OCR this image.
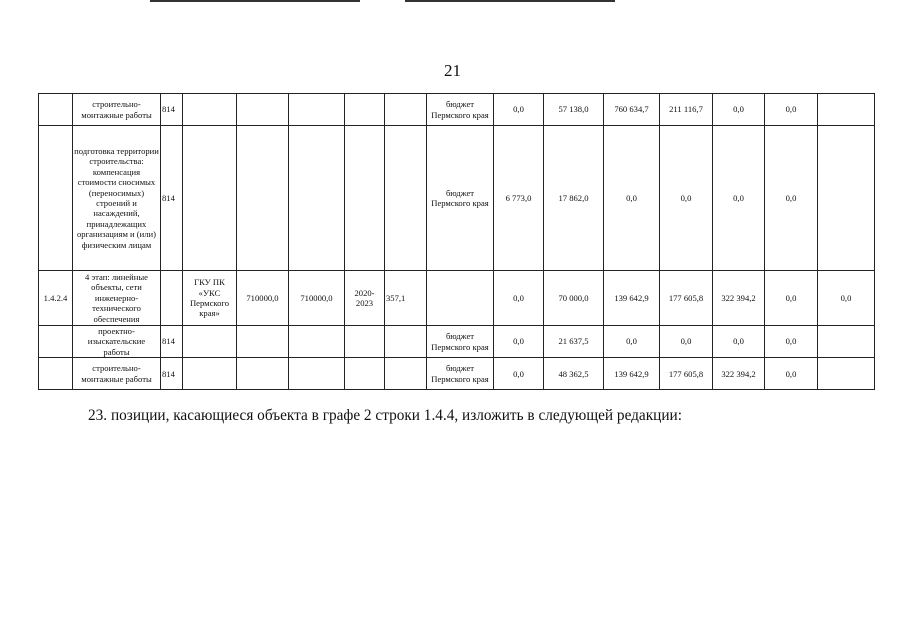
21
	строительно-монтажные работы	814						бюджет Пермского края	0,0	57 138,0	760 634,7	211 116,7	0,0	0,0	
	подготовка территории строительства: компенсация стоимости сносимых (переносимых) строений и насаждений, принадлежащих организациям и (или) физическим лицам	814						бюджет Пермского края	6 773,0	17 862,0	0,0	0,0	0,0	0,0	
1.4.2.4	4 этап: линейные объекты, сети инженерно-технического обеспечения		ГКУ ПК «УКС Пермского края»	710000,0	710000,0	2020-2023	357,1		0,0	70 000,0	139 642,9	177 605,8	322 394,2	0,0	0,0
	проектно-изыскательские работы	814						бюджет Пермского края	0,0	21 637,5	0,0	0,0	0,0	0,0	
	строительно-монтажные работы	814						бюджет Пермского края	0,0	48 362,5	139 642,9	177 605,8	322 394,2	0,0	
23. позиции, касающиеся объекта в графе 2 строки 1.4.4, изложить в следующей редакции:
